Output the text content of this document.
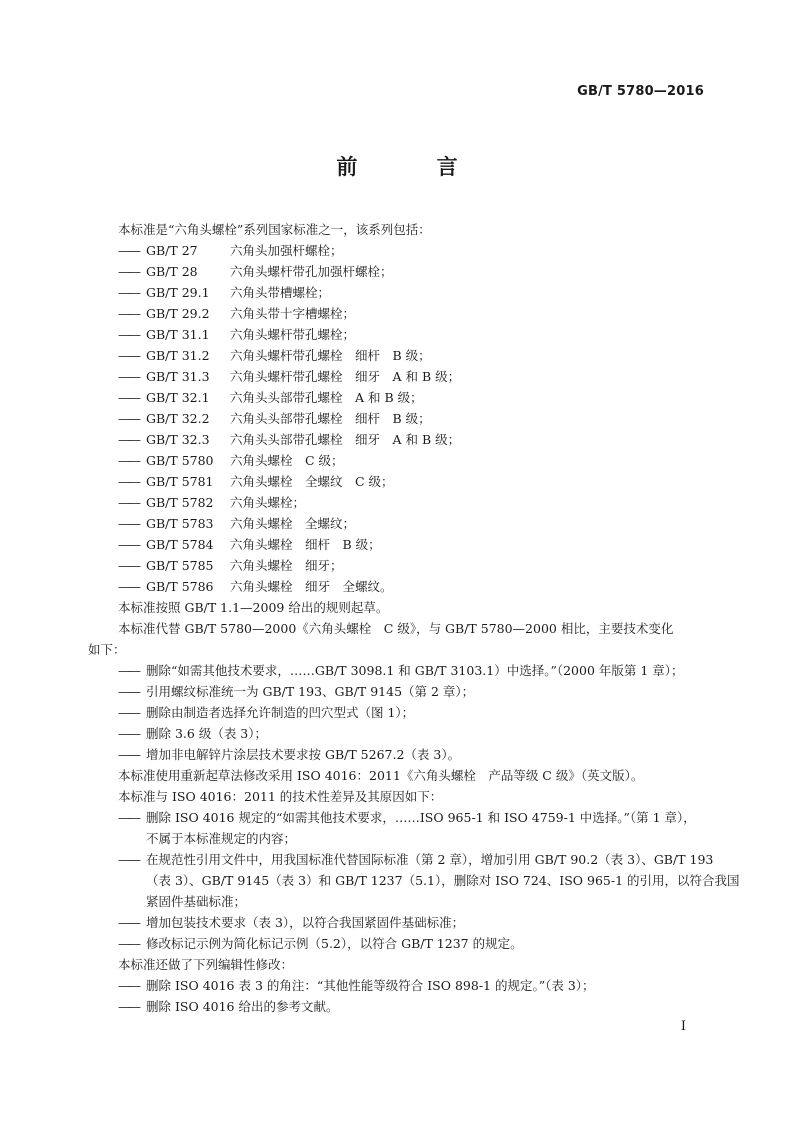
GB/T 5780—2016
前 言
本标准是“六角头螺栓”系列国家标准之一，该系列包括：
—— GB/T 27	六角头加强杆螺栓；
—— GB/T 28	六角头螺杆带孔加强杆螺栓；
—— GB/T 29.1 六角头带槽螺栓；
—— GB/T 29.2 六角头带十字槽螺栓；
—— GB/T 31.1 六角头螺杆带孔螺栓；
—— GB/T 31.2 六角头螺杆带孔螺栓　细杆　B 级；
—— GB/T 31.3 六角头螺杆带孔螺栓　细牙　A 和 B 级；
—— GB/T 32.1 六角头头部带孔螺栓　A 和 B 级；
—— GB/T 32.2 六角头头部带孔螺栓　细杆　B 级；
—— GB/T 32.3 六角头头部带孔螺栓　细牙　A 和 B 级；
—— GB/T 5780 六角头螺栓　C 级；
—— GB/T 5781 六角头螺栓　全螺纹　C 级；
—— GB/T 5782 六角头螺栓；
—— GB/T 5783 六角头螺栓　全螺纹；
—— GB/T 5784 六角头螺栓　细杆　B 级；
—— GB/T 5785 六角头螺栓　细牙；
—— GB/T 5786 六角头螺栓　细牙　全螺纹。
本标准按照 GB/T 1.1—2009 给出的规则起草。
本标准代替 GB/T 5780—2000《六角头螺栓　C 级》，与 GB/T 5780—2000 相比，主要技术变化
如下：
—— 删除“如需其他技术要求，……GB/T 3098.1 和 GB/T 3103.1）中选择。”（2000 年版第 1 章）；
—— 引用螺纹标准统一为 GB/T 193、GB/T 9145（第 2 章）；
—— 删除由制造者选择允许制造的凹穴型式（图 1）；
—— 删除 3.6 级（表 3）；
—— 增加非电解锌片涂层技术要求按 GB/T 5267.2（表 3）。
本标准使用重新起草法修改采用 ISO 4016：2011《六角头螺栓　产品等级 C 级》（英文版）。
本标准与 ISO 4016：2011 的技术性差异及其原因如下：
—— 删除 ISO 4016 规定的“如需其他技术要求，……ISO 965-1 和 ISO 4759-1 中选择。”（第 1 章），
不属于本标准规定的内容；
—— 在规范性引用文件中，用我国标准代替国际标准（第 2 章），增加引用 GB/T 90.2（表 3）、GB/T 193
（表 3）、GB/T 9145（表 3）和 GB/T 1237（5.1），删除对 ISO 724、ISO 965-1 的引用，以符合我国
紧固件基础标准；
—— 增加包装技术要求（表 3），以符合我国紧固件基础标准；
—— 修改标记示例为简化标记示例（5.2），以符合 GB/T 1237 的规定。
本标准还做了下列编辑性修改：
—— 删除 ISO 4016 表 3 的角注：“其他性能等级符合 ISO 898-1 的规定。”（表 3）；
—— 删除 ISO 4016 给出的参考文献。
I
